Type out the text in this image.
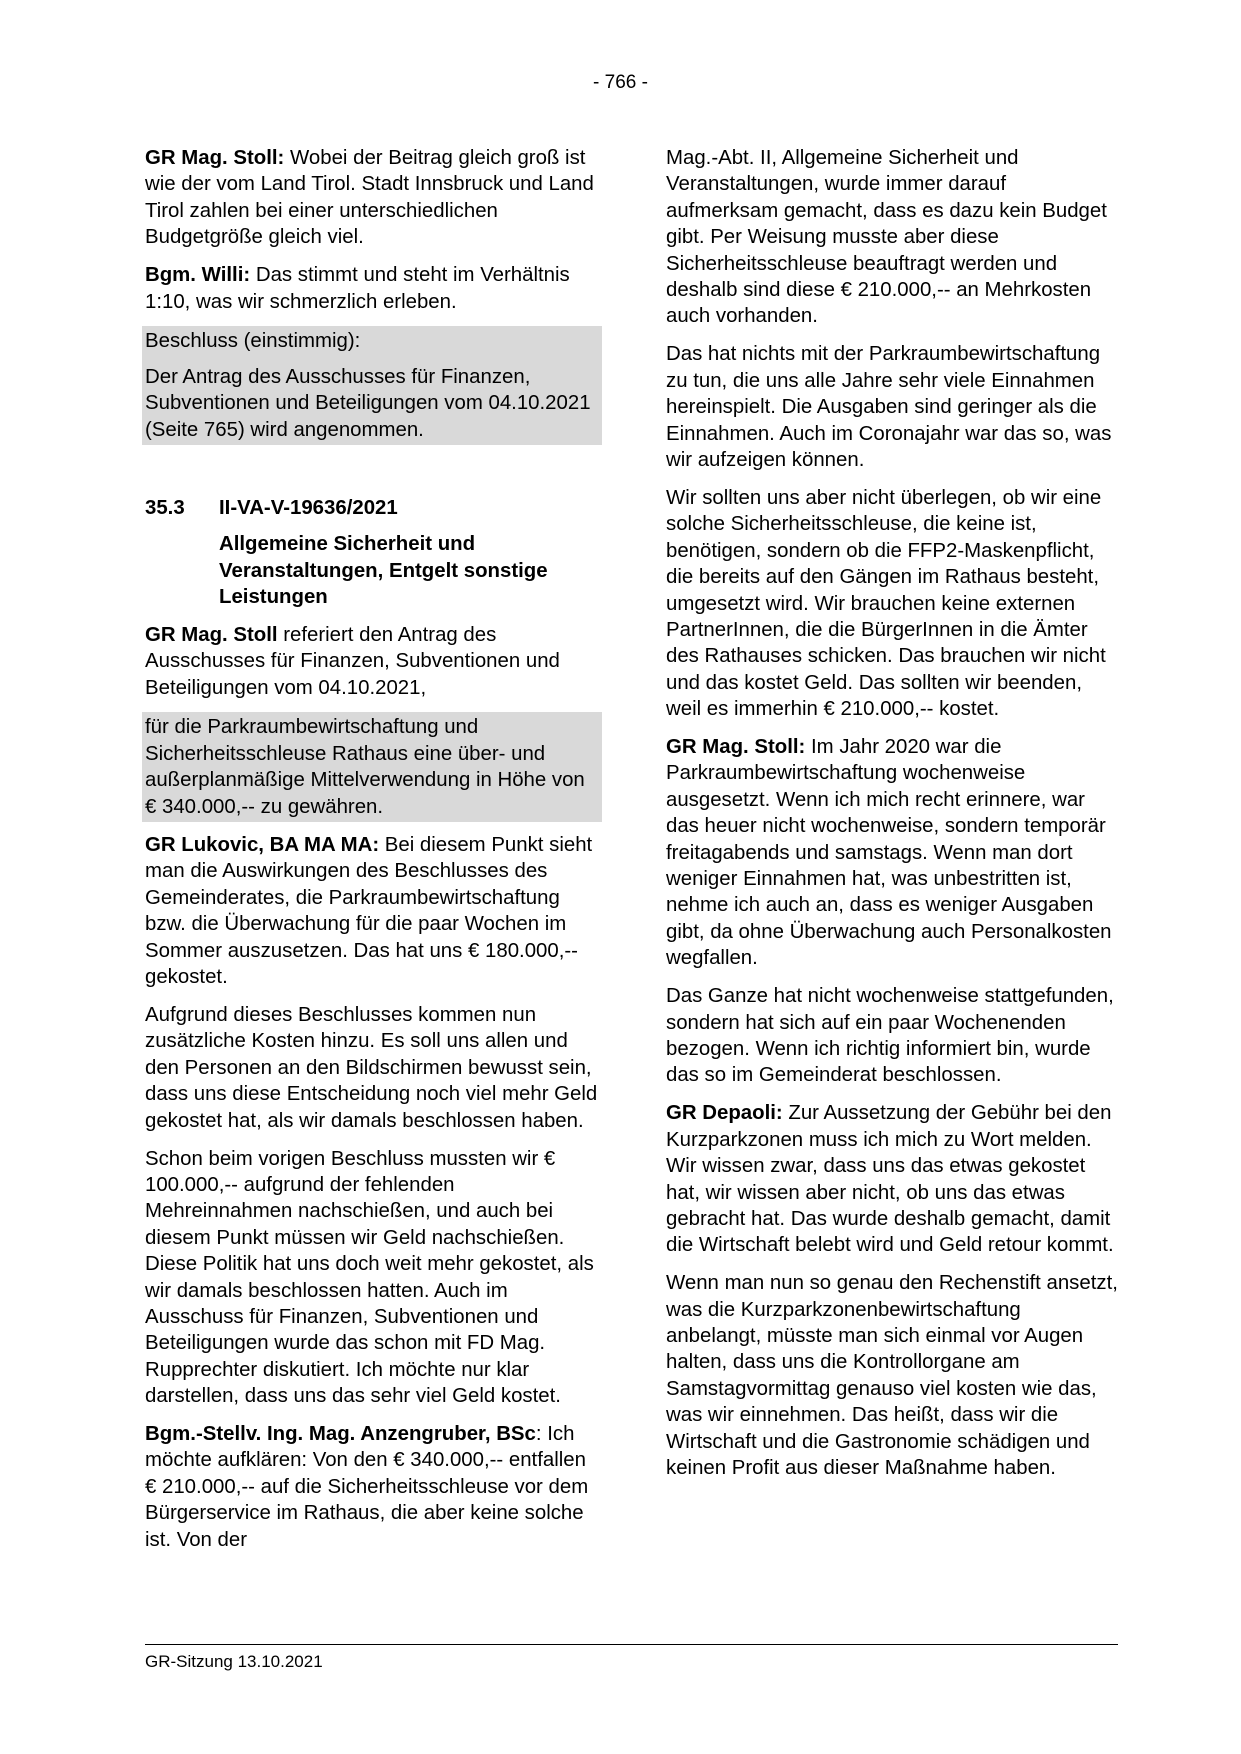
- 766 -

GR Mag. Stoll: Wobei der Beitrag gleich groß ist wie der vom Land Tirol. Stadt Innsbruck und Land Tirol zahlen bei einer unterschiedlichen Budgetgröße gleich viel.

Bgm. Willi: Das stimmt und steht im Verhältnis 1:10, was wir schmerzlich erleben.

Beschluss (einstimmig):

Der Antrag des Ausschusses für Finanzen, Subventionen und Beteiligungen vom 04.10.2021 (Seite 765) wird angenommen.

35.3	II-VA-V-19636/2021
Allgemeine Sicherheit und Veranstaltungen, Entgelt sonstige Leistungen

GR Mag. Stoll referiert den Antrag des Ausschusses für Finanzen, Subventionen und Beteiligungen vom 04.10.2021,

für die Parkraumbewirtschaftung und Sicherheitsschleuse Rathaus eine über- und außerplanmäßige Mittelverwendung in Höhe von € 340.000,-- zu gewähren.

GR Lukovic, BA MA MA: Bei diesem Punkt sieht man die Auswirkungen des Beschlusses des Gemeinderates, die Parkraumbewirtschaftung bzw. die Überwachung für die paar Wochen im Sommer auszusetzen. Das hat uns € 180.000,-- gekostet.

Aufgrund dieses Beschlusses kommen nun zusätzliche Kosten hinzu. Es soll uns allen und den Personen an den Bildschirmen bewusst sein, dass uns diese Entscheidung noch viel mehr Geld gekostet hat, als wir damals beschlossen haben.

Schon beim vorigen Beschluss mussten wir € 100.000,-- aufgrund der fehlenden Mehreinnahmen nachschießen, und auch bei diesem Punkt müssen wir Geld nachschießen. Diese Politik hat uns doch weit mehr gekostet, als wir damals beschlossen hatten. Auch im Ausschuss für Finanzen, Subventionen und Beteiligungen wurde das schon mit FD Mag. Rupprechter diskutiert. Ich möchte nur klar darstellen, dass uns das sehr viel Geld kostet.

Bgm.-Stellv. Ing. Mag. Anzengruber, BSc: Ich möchte aufklären: Von den € 340.000,-- entfallen € 210.000,-- auf die Sicherheitsschleuse vor dem Bürgerservice im Rathaus, die aber keine solche ist. Von der

Mag.-Abt. II, Allgemeine Sicherheit und Veranstaltungen, wurde immer darauf aufmerksam gemacht, dass es dazu kein Budget gibt. Per Weisung musste aber diese Sicherheitsschleuse beauftragt werden und deshalb sind diese € 210.000,-- an Mehrkosten auch vorhanden.

Das hat nichts mit der Parkraumbewirtschaftung zu tun, die uns alle Jahre sehr viele Einnahmen hereinspielt. Die Ausgaben sind geringer als die Einnahmen. Auch im Coronajahr war das so, was wir aufzeigen können.

Wir sollten uns aber nicht überlegen, ob wir eine solche Sicherheitsschleuse, die keine ist, benötigen, sondern ob die FFP2-Maskenpflicht, die bereits auf den Gängen im Rathaus besteht, umgesetzt wird. Wir brauchen keine externen PartnerInnen, die die BürgerInnen in die Ämter des Rathauses schicken. Das brauchen wir nicht und das kostet Geld. Das sollten wir beenden, weil es immerhin € 210.000,-- kostet.

GR Mag. Stoll: Im Jahr 2020 war die Parkraumbewirtschaftung wochenweise ausgesetzt. Wenn ich mich recht erinnere, war das heuer nicht wochenweise, sondern temporär freitagabends und samstags. Wenn man dort weniger Einnahmen hat, was unbestritten ist, nehme ich auch an, dass es weniger Ausgaben gibt, da ohne Überwachung auch Personalkosten wegfallen.

Das Ganze hat nicht wochenweise stattgefunden, sondern hat sich auf ein paar Wochenenden bezogen. Wenn ich richtig informiert bin, wurde das so im Gemeinderat beschlossen.

GR Depaoli: Zur Aussetzung der Gebühr bei den Kurzparkzonen muss ich mich zu Wort melden. Wir wissen zwar, dass uns das etwas gekostet hat, wir wissen aber nicht, ob uns das etwas gebracht hat. Das wurde deshalb gemacht, damit die Wirtschaft belebt wird und Geld retour kommt.

Wenn man nun so genau den Rechenstift ansetzt, was die Kurzparkzonenbewirtschaftung anbelangt, müsste man sich einmal vor Augen halten, dass uns die Kontrollorgane am Samstagvormittag genauso viel kosten wie das, was wir einnehmen. Das heißt, dass wir die Wirtschaft und die Gastronomie schädigen und keinen Profit aus dieser Maßnahme haben.

GR-Sitzung 13.10.2021
